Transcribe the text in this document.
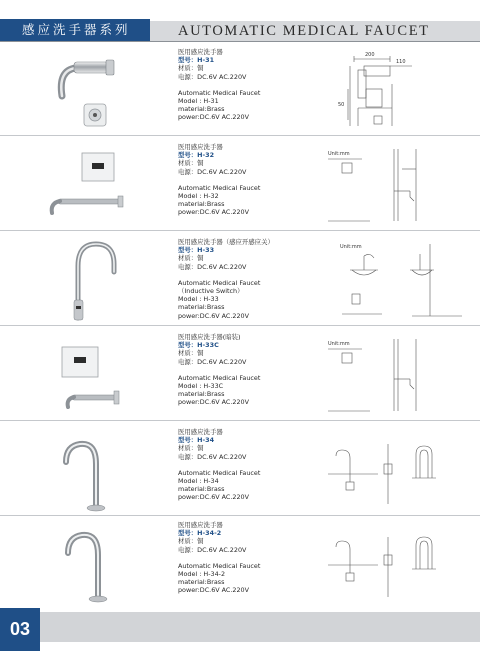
感应洗手器系列	AUTOMATIC MEDICAL FAUCET
医用感应洗手器
型号：H-31
材质：铜
电源：DC.6V AC.220V
Automatic Medical Faucet
Model : H-31
material:Brass
power:DC.6V AC.220V
200
110
50
医用感应洗手器
型号：H-32
材质：铜
电源：DC.6V AC.220V
Automatic Medical Faucet
Model : H-32
material:Brass
power:DC.6V AC.220V
Unit:mm
医用感应洗手器（感应开感应关）
型号：H-33
材质：铜
电源：DC.6V AC.220V
Automatic Medical Faucet
（Inductive Switch）
Model : H-33
material:Brass
power:DC.6V AC.220V
Unit:mm
医用感应洗手器(暗装)
型号：H-33C
材质：铜
电源：DC.6V AC.220V
Automatic Medical Faucet
Model : H-33C
material:Brass
power:DC.6V AC.220V
Unit:mm
医用感应洗手器
型号：H-34
材质：铜
电源：DC.6V AC.220V
Automatic Medical Faucet
Model : H-34
material:Brass
power:DC.6V AC.220V
医用感应洗手器
型号：H-34-2
材质：铜
电源：DC.6V AC.220V
Automatic Medical Faucet
Model : H-34-2
material:Brass
power:DC.6V AC.220V
03
